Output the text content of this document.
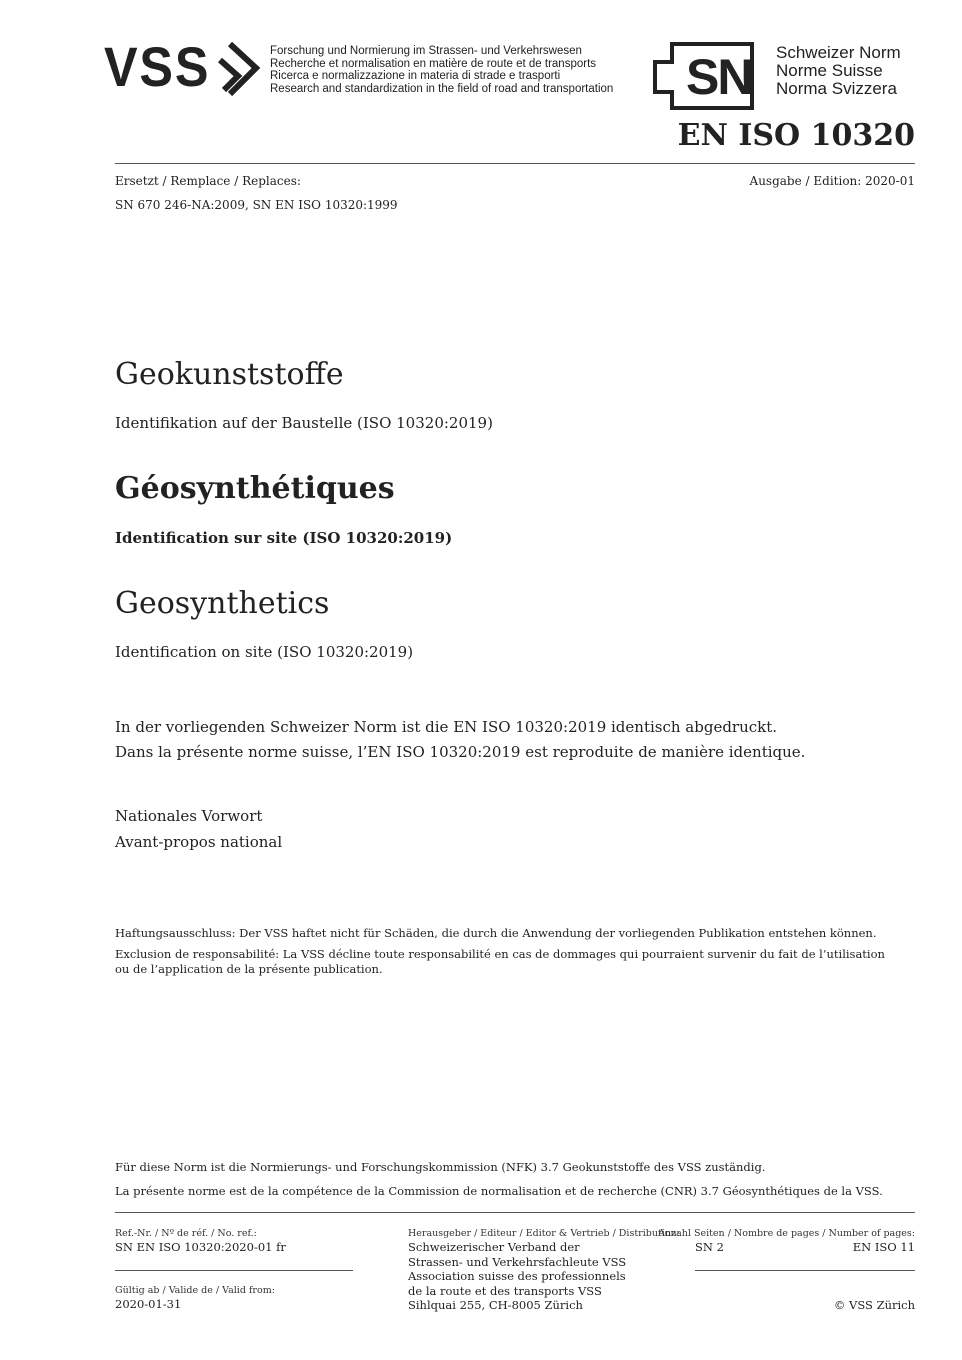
VSS	Forschung und Normierung im Strassen- und Verkehrswesen
Recherche et normalisation en matière de route et de transports
Ricerca e normalizzazione in materia di strade e trasporti
Research and standardization in the field of road and transportation SN Schweizer Norm
Norme Suisse
Norma Svizzera
EN ISO 10320
Ersetzt / Remplace / Replaces:	Ausgabe / Edition: 2020-01
SN 670 246-NA:2009, SN EN ISO 10320:1999
Geokunststoffe
Identifikation auf der Baustelle (ISO 10320:2019)
Géosynthétiques
Identification sur site (ISO 10320:2019)
Geosynthetics
Identification on site (ISO 10320:2019)
In der vorliegenden Schweizer Norm ist die EN ISO 10320:2019 identisch abgedruckt.
Dans la présente norme suisse, l’EN ISO 10320:2019 est reproduite de manière identique.
Nationales Vorwort
Avant-propos national
Haftungsausschluss: Der VSS haftet nicht für Schäden, die durch die Anwendung der vorliegenden Publikation entstehen können.
Exclusion de responsabilité: La VSS décline toute responsabilité en cas de dommages qui pourraient survenir du fait de l’utilisation
ou de l’application de la présente publication.
Für diese Norm ist die Normierungs- und Forschungskommission (NFK) 3.7 Geokunststoffe des VSS zuständig.
La présente norme est de la compétence de la Commission de normalisation et de recherche (CNR) 3.7 Géosynthétiques de la VSS.
Ref.-Nr. / Nº de réf. / No. ref.:
SN EN ISO 10320:2020-01 fr
Gültig ab / Valide de / Valid from:
2020-01-31
Herausgeber / Editeur / Editor & Vertrieb / Distribution:
Schweizerischer Verband der
Strassen- und Verkehrsfachleute VSS
Association suisse des professionnels
de la route et des transports VSS
Sihlquai 255, CH-8005 Zürich
Anzahl Seiten / Nombre de pages / Number of pages:
SN 2	EN ISO 11
© VSS Zürich
